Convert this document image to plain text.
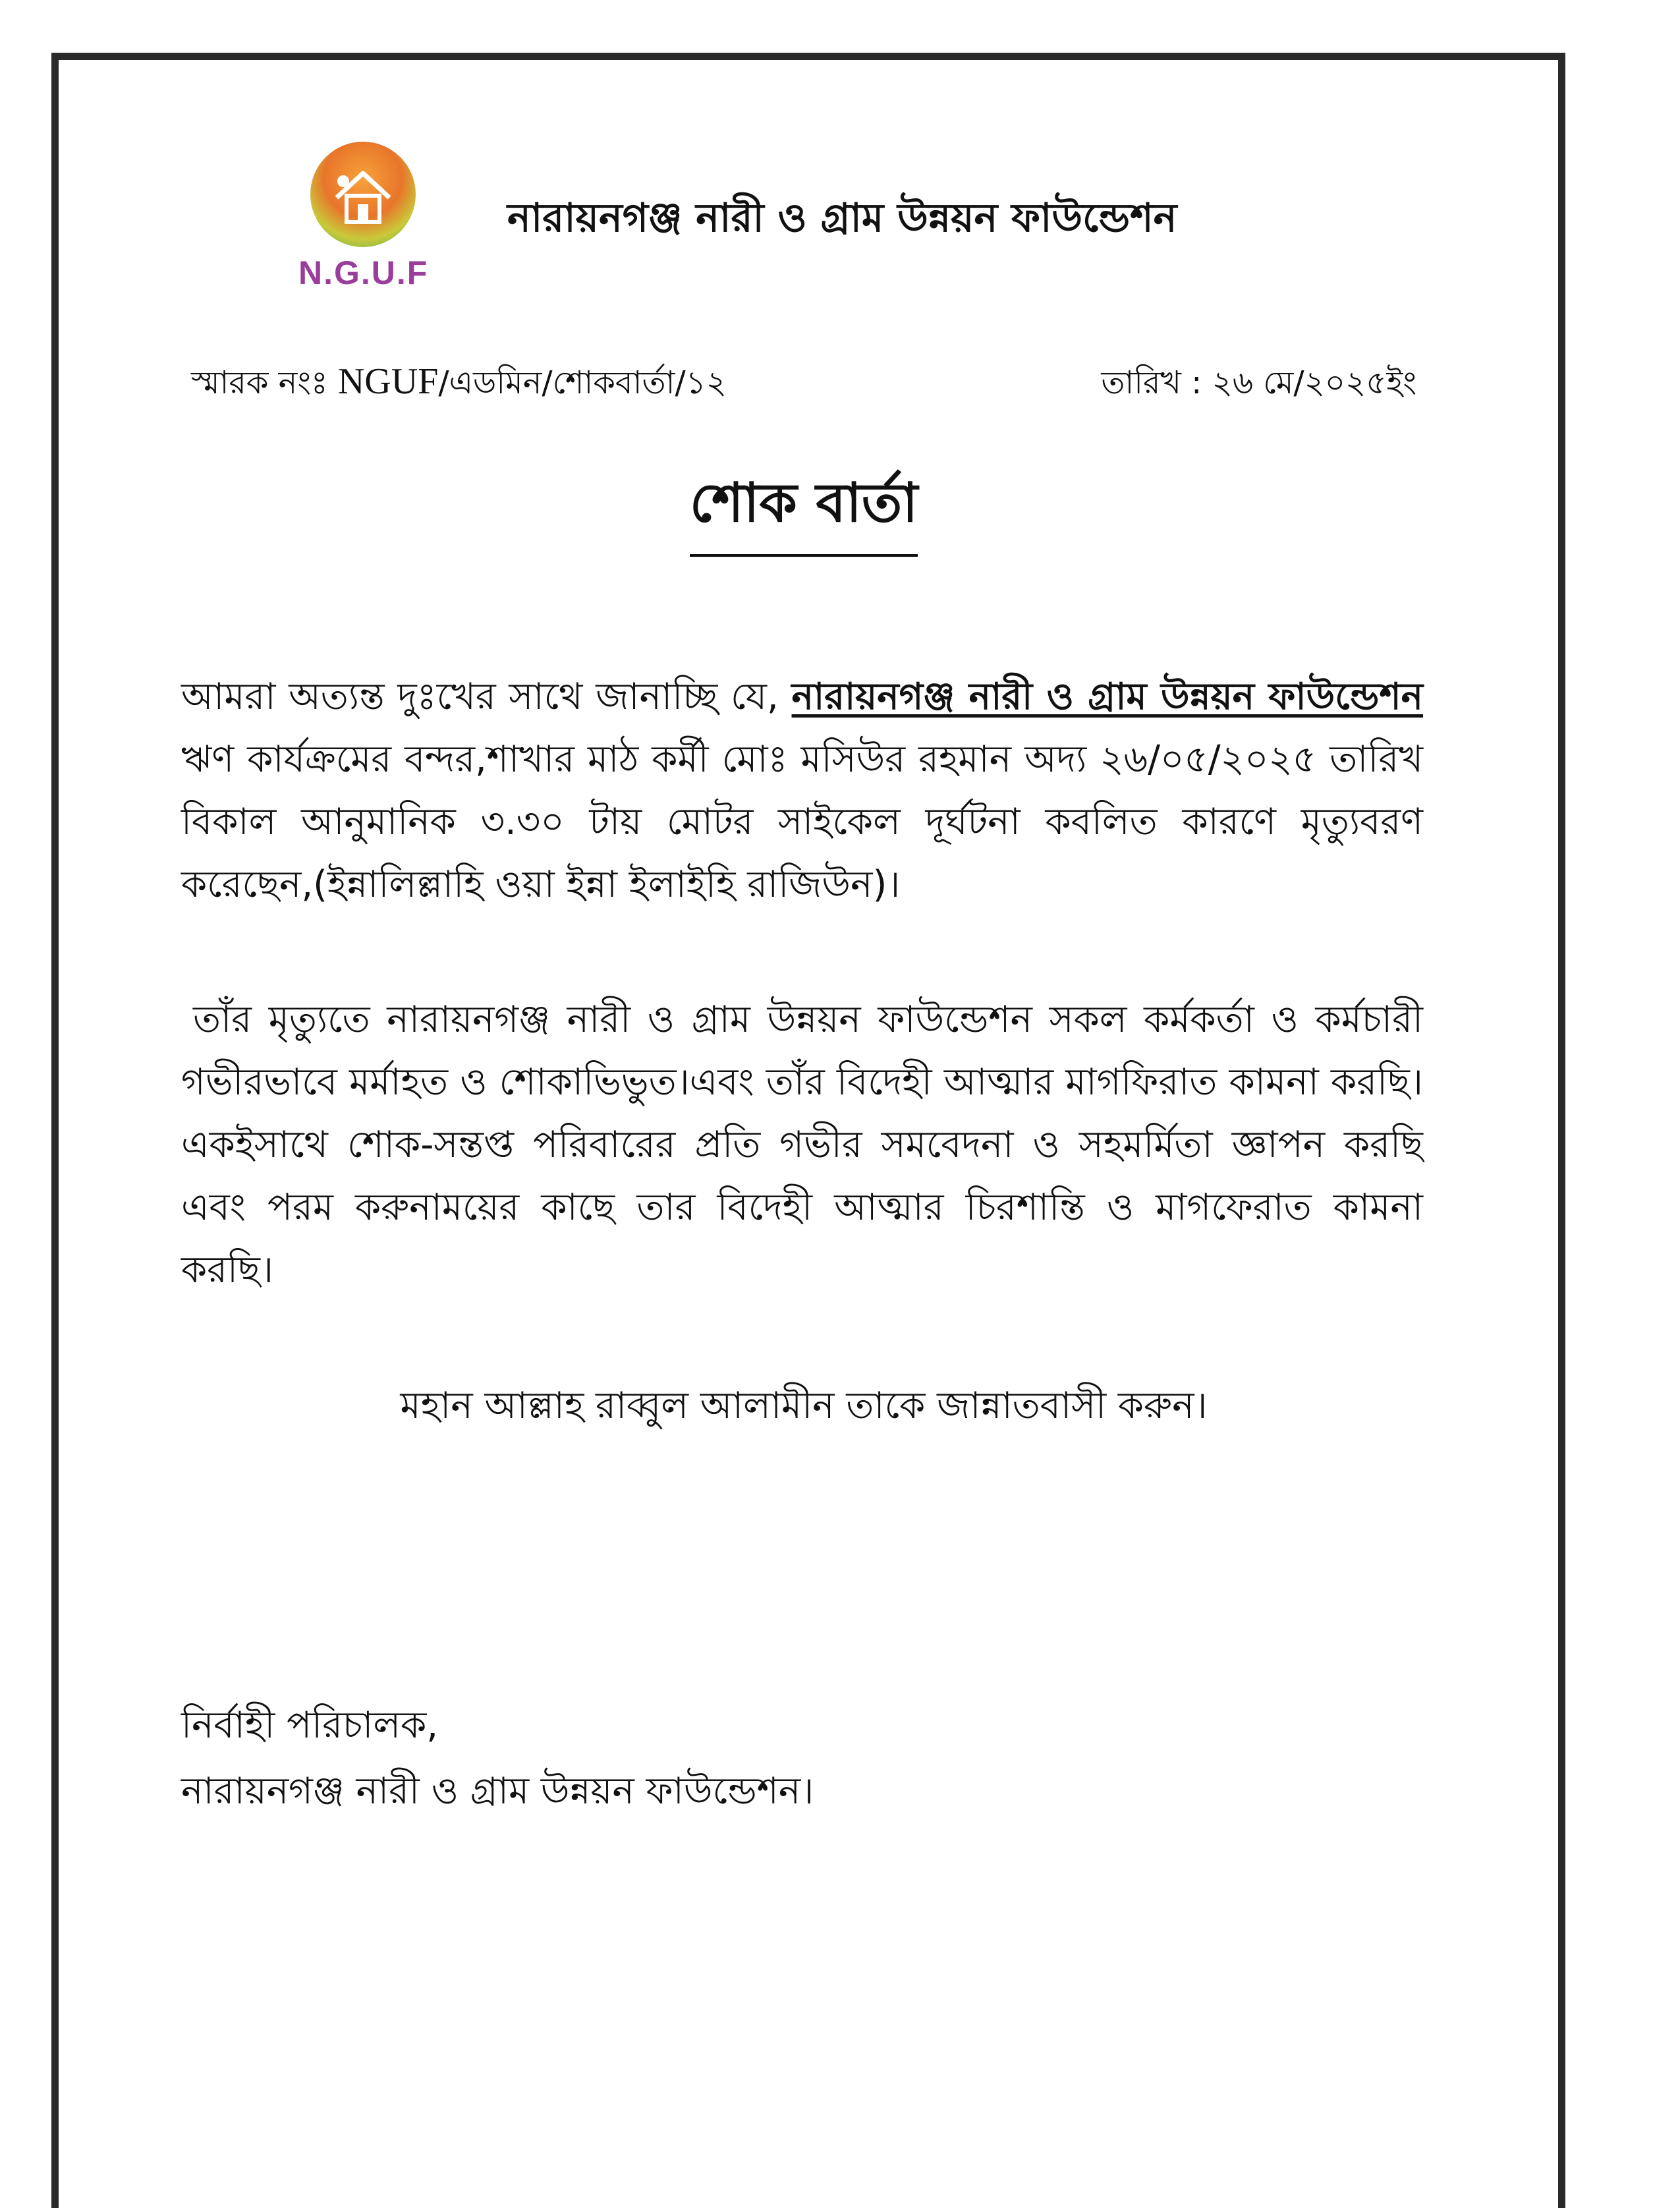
N.G.U.F
নারায়নগঞ্জ নারী ও গ্রাম উন্নয়ন ফাউন্ডেশন
স্মারক নংঃ NGUF/এডমিন/শোকবার্তা/১২	তারিখ : ২৬ মে/২০২৫ইং
শোক বার্তা
আমরা অত্যন্ত দুঃখের সাথে জানাচ্ছি যে, নারায়নগঞ্জ নারী ও গ্রাম উন্নয়ন ফাউন্ডেশন ঋণ কার্যক্রমের বন্দর,শাখার মাঠ কর্মী মোঃ মসিউর রহমান অদ্য ২৬/০৫/২০২৫ তারিখ বিকাল আনুমানিক ৩.৩০ টায় মোটর সাইকেল দূর্ঘটনা কবলিত কারণে মৃত্যুবরণ করেছেন,(ইন্নালিল্লাহি ওয়া ইন্না ইলাইহি রাজিউন)।
তাঁর মৃত্যুতে নারায়নগঞ্জ নারী ও গ্রাম উন্নয়ন ফাউন্ডেশন সকল কর্মকর্তা ও কর্মচারী গভীরভাবে মর্মাহত ও শোকাভিভুত।এবং তাঁর বিদেহী আত্মার মাগফিরাত কামনা করছি। একইসাথে শোক-সন্তপ্ত পরিবারের প্রতি গভীর সমবেদনা ও সহমর্মিতা জ্ঞাপন করছি এবং পরম করুনাময়ের কাছে তার বিদেহী আত্মার চিরশান্তি ও মাগফেরাত কামনা করছি।
মহান আল্লাহ রাব্বুল আলামীন তাকে জান্নাতবাসী করুন।
নির্বাহী পরিচালক,
নারায়নগঞ্জ নারী ও গ্রাম উন্নয়ন ফাউন্ডেশন।
